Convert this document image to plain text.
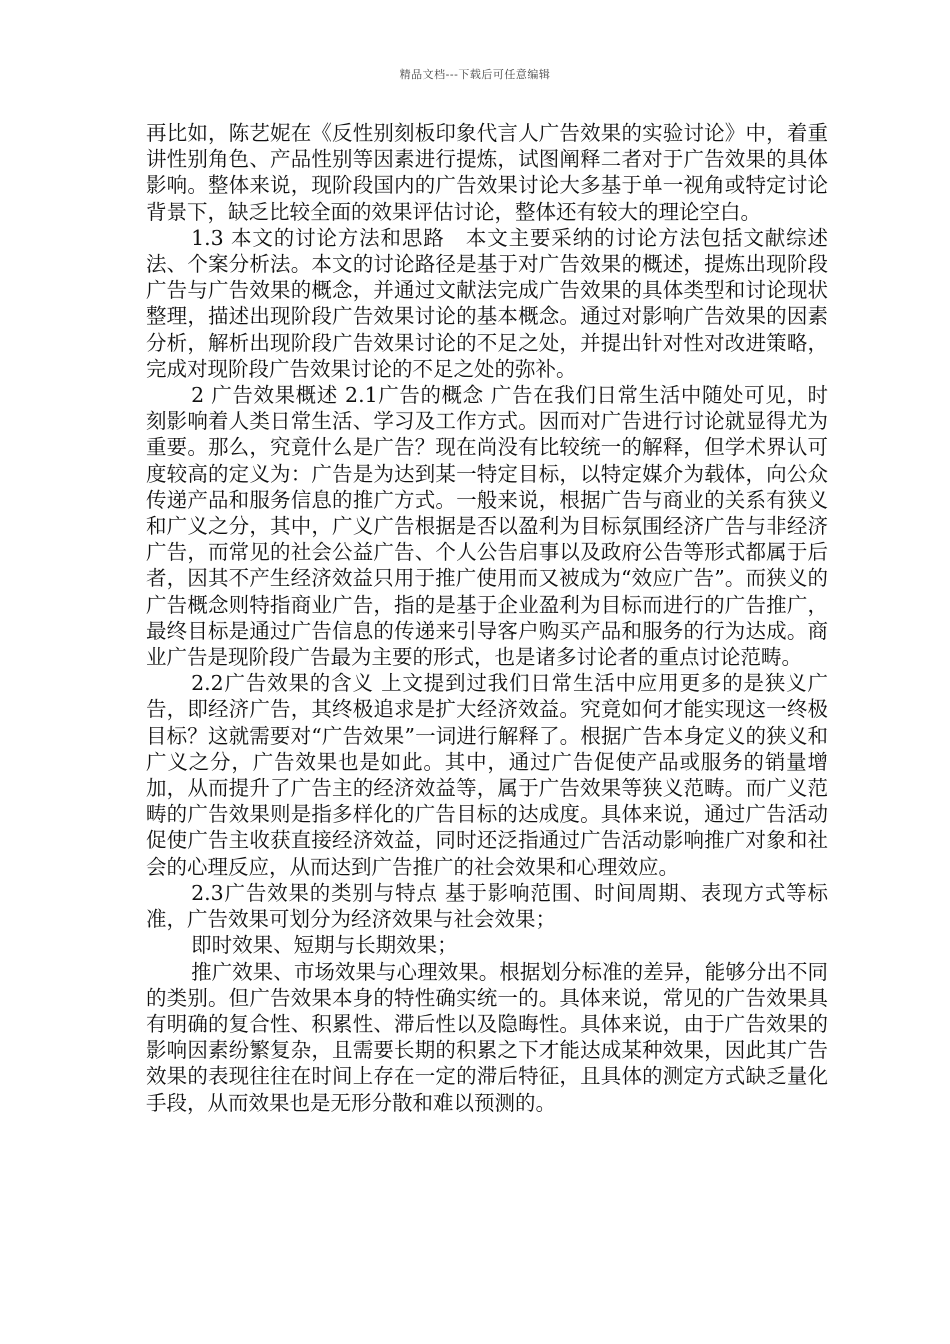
精品文档---下载后可任意编辑

再比如，陈艺妮在《反性别刻板印象代言人广告效果的实验讨论》中，着重讲性别角色、产品性别等因素进行提炼，试图阐释二者对于广告效果的具体影响。整体来说，现阶段国内的广告效果讨论大多基于单一视角或特定讨论背景下，缺乏比较全面的效果评估讨论，整体还有较大的理论空白。

1.3 本文的讨论方法和思路　本文主要采纳的讨论方法包括文献综述法、个案分析法。本文的讨论路径是基于对广告效果的概述，提炼出现阶段广告与广告效果的概念，并通过文献法完成广告效果的具体类型和讨论现状整理，描述出现阶段广告效果讨论的基本概念。通过对影响广告效果的因素分析，解析出现阶段广告效果讨论的不足之处，并提出针对性对改进策略，完成对现阶段广告效果讨论的不足之处的弥补。

2 广告效果概述 2.1广告的概念 广告在我们日常生活中随处可见，时刻影响着人类日常生活、学习及工作方式。因而对广告进行讨论就显得尤为重要。那么，究竟什么是广告？现在尚没有比较统一的解释，但学术界认可度较高的定义为：广告是为达到某一特定目标，以特定媒介为载体，向公众传递产品和服务信息的推广方式。一般来说，根据广告与商业的关系有狭义和广义之分，其中，广义广告根据是否以盈利为目标氛围经济广告与非经济广告，而常见的社会公益广告、个人公告启事以及政府公告等形式都属于后者，因其不产生经济效益只用于推广使用而又被成为“效应广告”。而狭义的广告概念则特指商业广告，指的是基于企业盈利为目标而进行的广告推广，最终目标是通过广告信息的传递来引导客户购买产品和服务的行为达成。商业广告是现阶段广告最为主要的形式，也是诸多讨论者的重点讨论范畴。

2.2广告效果的含义 上文提到过我们日常生活中应用更多的是狭义广告，即经济广告，其终极追求是扩大经济效益。究竟如何才能实现这一终极目标？这就需要对“广告效果”一词进行解释了。根据广告本身定义的狭义和广义之分，广告效果也是如此。其中，通过广告促使产品或服务的销量增加，从而提升了广告主的经济效益等，属于广告效果等狭义范畴。而广义范畴的广告效果则是指多样化的广告目标的达成度。具体来说，通过广告活动促使广告主收获直接经济效益，同时还泛指通过广告活动影响推广对象和社会的心理反应，从而达到广告推广的社会效果和心理效应。

2.3广告效果的类别与特点 基于影响范围、时间周期、表现方式等标准，广告效果可划分为经济效果与社会效果；

即时效果、短期与长期效果；

推广效果、市场效果与心理效果。根据划分标准的差异，能够分出不同的类别。但广告效果本身的特性确实统一的。具体来说，常见的广告效果具有明确的复合性、积累性、滞后性以及隐晦性。具体来说，由于广告效果的影响因素纷繁复杂，且需要长期的积累之下才能达成某种效果，因此其广告效果的表现往往在时间上存在一定的滞后特征，且具体的测定方式缺乏量化手段，从而效果也是无形分散和难以预测的。
